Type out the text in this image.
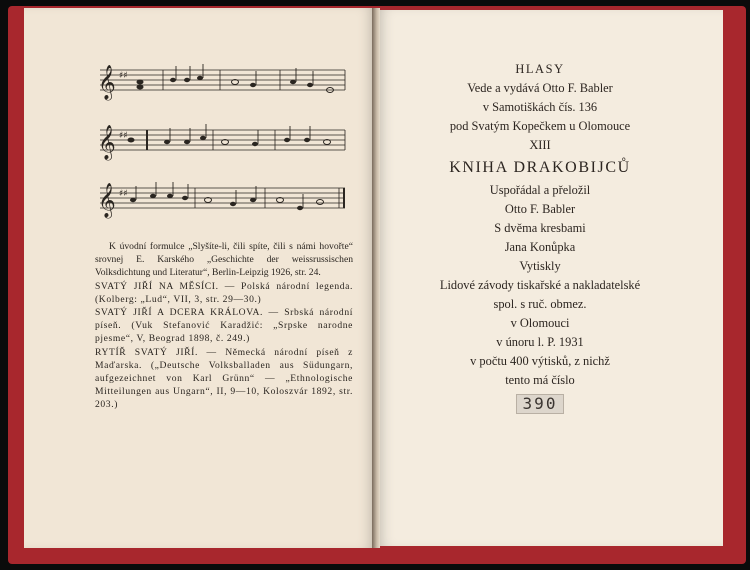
𝄞
𝄞
𝄞
♯♯
♯♯
♯♯

K úvodní formulce „Slyšíte-li, čili spíte, čili s námi hovořte“ srovnej E. Karského „Geschichte der weissrussischen Volksdichtung und Literatur“, Berlin-Leipzig 1926, str. 24.

SVATÝ JIŘÍ NA MĚSÍCI. — Polská národní legenda. (Kolberg: „Lud“, VII, 3, str. 29—30.)

SVATÝ JIŘÍ A DCERA KRÁLOVA. — Srbská národní píseň. (Vuk Stefanović Karadžić: „Srpske narodne pjesme“, V, Beograd 1898, č. 249.)

RYTÍŘ SVATÝ JIŘÍ. — Německá národní píseň z Maďarska. („Deutsche Volksballaden aus Südungarn, aufgezeichnet von Karl Grünn“ — „Ethnologische Mitteilungen aus Ungarn“, II, 9—10, Koloszvár 1892, str. 203.)

HLASY
Vede a vydává Otto F. Babler
v Samotiškách čís. 136
pod Svatým Kopečkem u Olomouce
XIII
KNIHA DRAKOBIJCŮ
Uspořádal a přeložil
Otto F. Babler
S dvěma kresbami
Jana Konůpka
Vytiskly
Lidové závody tiskařské a nakladatelské
spol. s ruč. obmez.
v Olomouci
v únoru l. P. 1931
v počtu 400 výtisků, z nichž
tento má číslo
390
